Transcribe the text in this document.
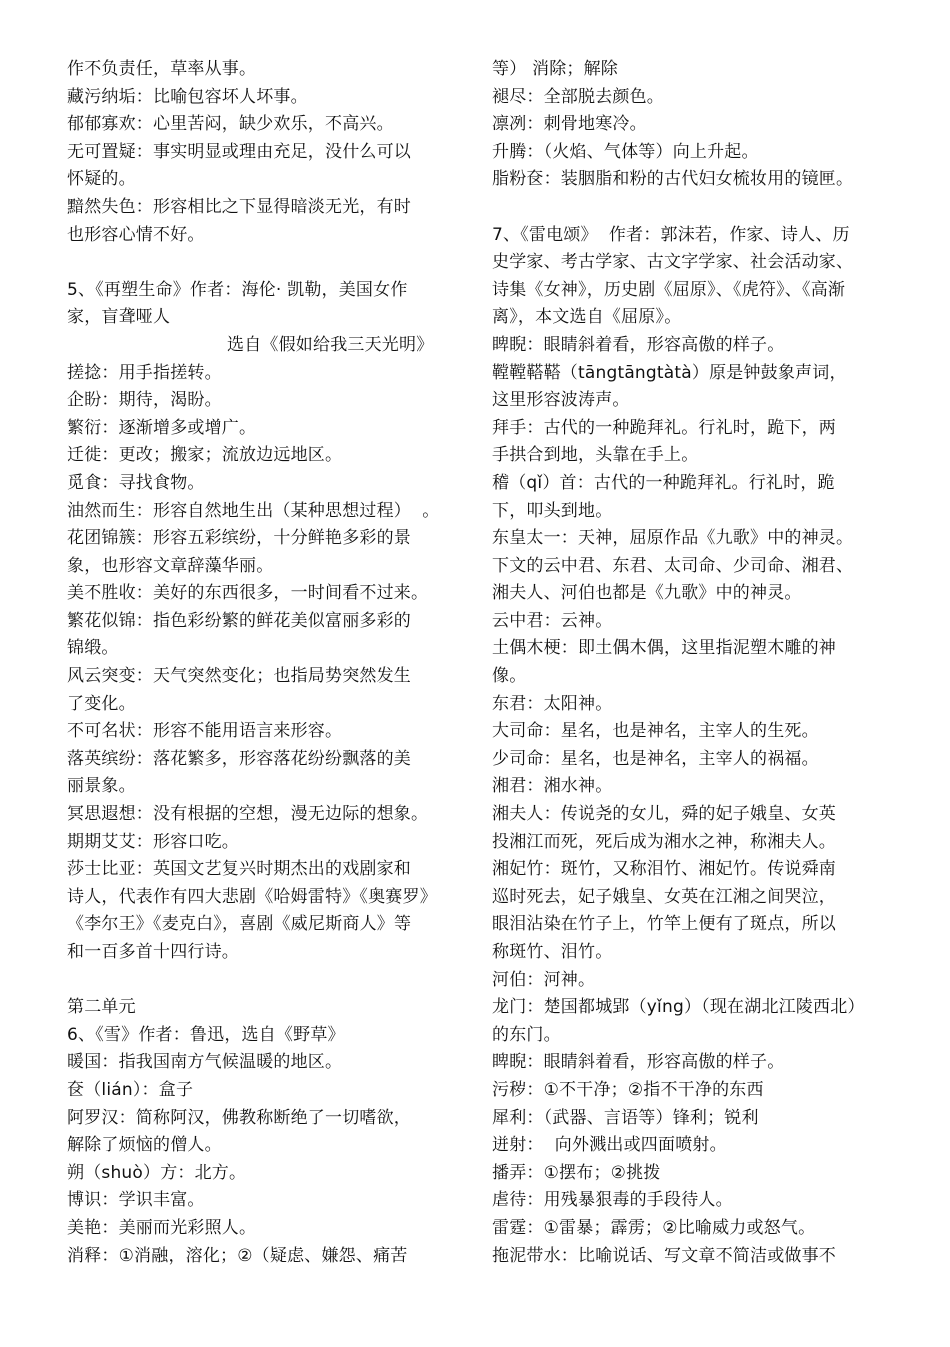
作不负责任，草率从事。
藏污纳垢：比喻包容坏人坏事。
郁郁寡欢：心里苦闷，缺少欢乐，不高兴。
无可置疑：事实明显或理由充足，没什么可以
怀疑的。
黯然失色：形容相比之下显得暗淡无光，有时
也形容心情不好。
5、《再塑生命》作者：海伦· 凯勒，美国女作
家，盲聋哑人
选自《假如给我三天光明》
搓捻：用手指搓转。
企盼：期待，渴盼。
繁衍：逐渐增多或增广。
迁徙：更改；搬家；流放边远地区。
觅食：寻找食物。
油然而生：形容自然地生出（某种思想过程）  。
花团锦簇：形容五彩缤纷，十分鲜艳多彩的景
象，也形容文章辞藻华丽。
美不胜收：美好的东西很多，一时间看不过来。
繁花似锦：指色彩纷繁的鲜花美似富丽多彩的
锦缎。
风云突变：天气突然变化；也指局势突然发生
了变化。
不可名状：形容不能用语言来形容。
落英缤纷：落花繁多，形容落花纷纷飘落的美
丽景象。
冥思遐想：没有根据的空想，漫无边际的想象。
期期艾艾：形容口吃。
莎士比亚：英国文艺复兴时期杰出的戏剧家和
诗人，代表作有四大悲剧《哈姆雷特》《奥赛罗》
《李尔王》《麦克白》，喜剧《威尼斯商人》等
和一百多首十四行诗。
第二单元
6、《雪》作者：鲁迅，选自《野草》
暖国：指我国南方气候温暖的地区。
奁（lián）：盒子
阿罗汉：简称阿汉，佛教称断绝了一切嗜欲，
解除了烦恼的僧人。
朔（shuò）方：北方。
博识：学识丰富。
美艳：美丽而光彩照人。
消释：①消融，溶化；②（疑虑、嫌怨、痛苦
等） 消除；解除
褪尽：全部脱去颜色。
凛冽：刺骨地寒冷。
升腾：（火焰、气体等）向上升起。
脂粉奁：装胭脂和粉的古代妇女梳妆用的镜匣。
7、《雷电颂》  作者：郭沫若，作家、诗人、历
史学家、考古学家、古文字学家、社会活动家、
诗集《女神》，历史剧《屈原》、《虎符》、《高渐
离》，本文选自《屈原》。
睥睨：眼睛斜着看，形容高傲的样子。
鞺鞺鞳鞳（tāngtāngtàtà）原是钟鼓象声词，
这里形容波涛声。
拜手：古代的一种跪拜礼。行礼时，跪下，两
手拱合到地，头靠在手上。
稽（qǐ）首：古代的一种跪拜礼。行礼时，跪
下，叩头到地。
东皇太一：天神，屈原作品《九歌》中的神灵。
下文的云中君、东君、太司命、少司命、湘君、
湘夫人、河伯也都是《九歌》中的神灵。
云中君：云神。
土偶木梗：即土偶木偶，这里指泥塑木雕的神
像。
东君：太阳神。
大司命：星名，也是神名，主宰人的生死。
少司命：星名，也是神名，主宰人的祸福。
湘君：湘水神。
湘夫人：传说尧的女儿，舜的妃子娥皇、女英
投湘江而死，死后成为湘水之神，称湘夫人。
湘妃竹：斑竹，又称泪竹、湘妃竹。传说舜南
巡时死去，妃子娥皇、女英在江湘之间哭泣，
眼泪沾染在竹子上，竹竿上便有了斑点，所以
称斑竹、泪竹。
河伯：河神。
龙门：楚国都城郢（yǐng）（现在湖北江陵西北）
的东门。
睥睨：眼睛斜着看，形容高傲的样子。
污秽：①不干净；②指不干净的东西
犀利：（武器、言语等）锋利；锐利
迸射：  向外溅出或四面喷射。
播弄：①摆布；②挑拨
虐待：用残暴狠毒的手段待人。
雷霆：①雷暴；霹雳；②比喻威力或怒气。
拖泥带水：比喻说话、写文章不简洁或做事不
